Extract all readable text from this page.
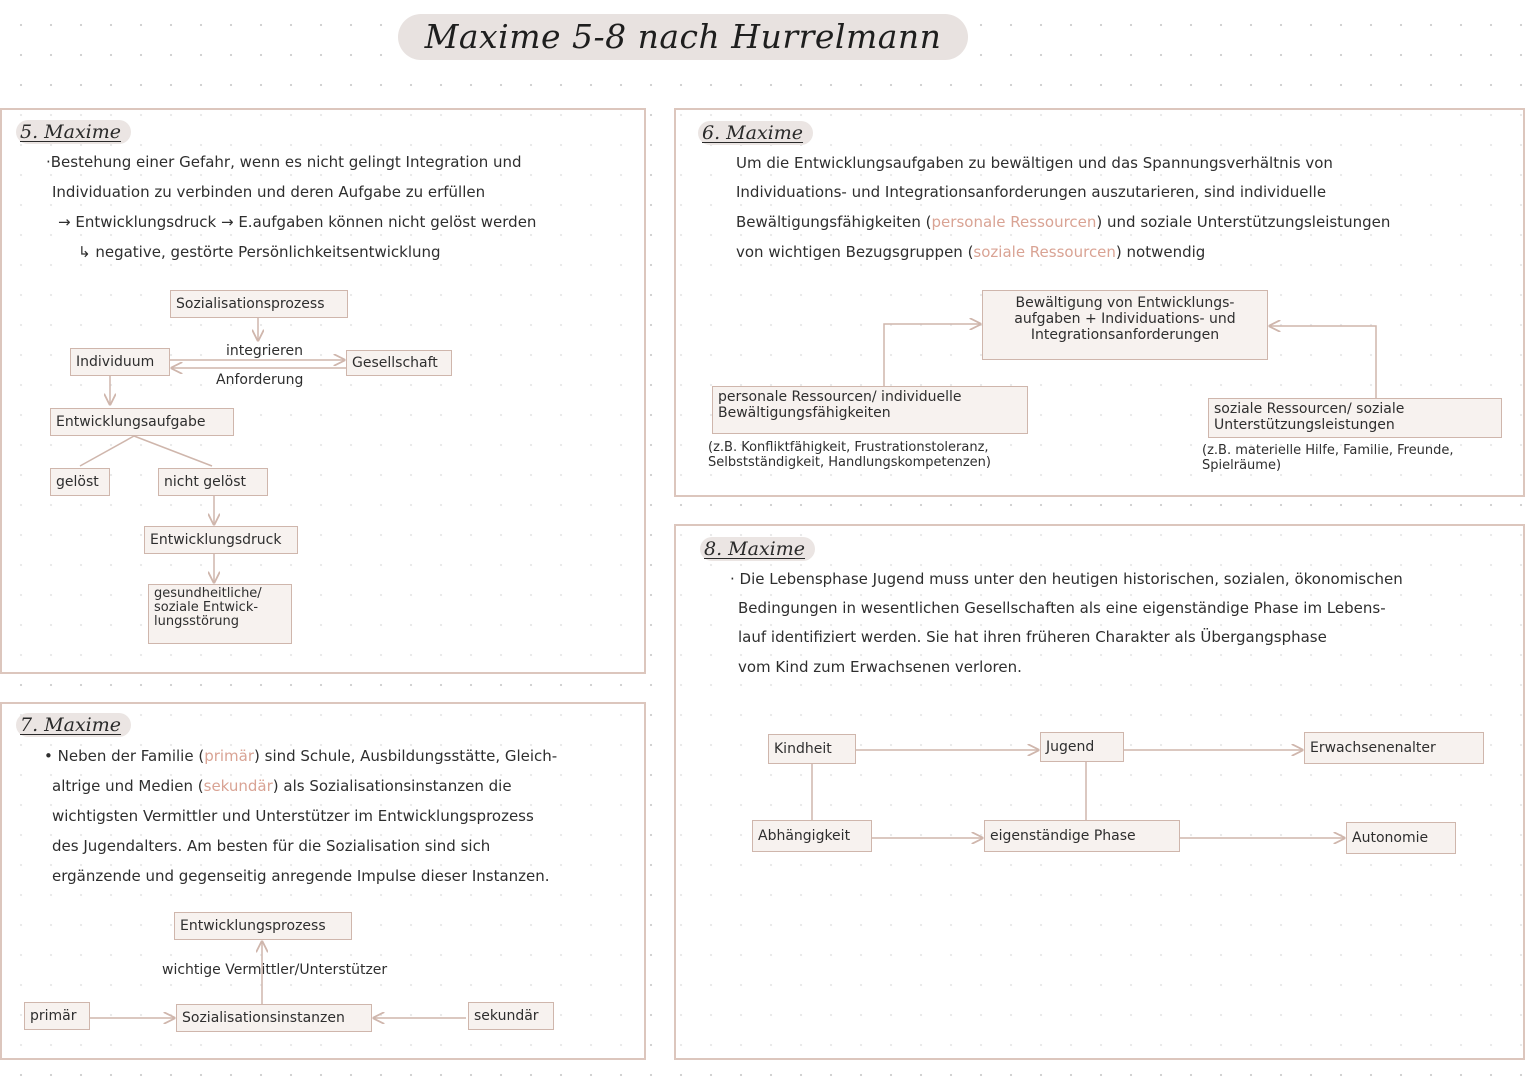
Maxime 5-8 nach Hurrelmann
5. Maxime
·Bestehung einer Gefahr, wenn es nicht gelingt Integration und
Individuation zu verbinden und deren Aufgabe zu erfüllen
→ Entwicklungsdruck → E.aufgaben können nicht gelöst werden
↳ negative, gestörte Persönlichkeitsentwicklung
Sozialisationsprozess
Individuum
integrieren
Anforderung
Gesellschaft
Entwicklungsaufgabe
gelöst	nicht gelöst
Entwicklungsdruck
gesundheitliche/ soziale Entwick- lungsstörung
6. Maxime
Um die Entwicklungsaufgaben zu bewältigen und das Spannungsverhältnis von
Individuations- und Integrationsanforderungen auszutarieren, sind individuelle
Bewältigungsfähigkeiten (personale Ressourcen) und soziale Unterstützungsleistungen
von wichtigen Bezugsgruppen (soziale Ressourcen) notwendig
Bewältigung von Entwicklungs- aufgaben + Individuations- und Integrationsanforderungen
personale Ressourcen/ individuelle Bewältigungsfähigkeiten
(z.B. Konfliktfähigkeit, Frustrationstoleranz, Selbstständigkeit, Handlungskompetenzen)
soziale Ressourcen/ soziale Unterstützungsleistungen
(z.B. materielle Hilfe, Familie, Freunde, Spielräume)
7. Maxime
• Neben der Familie (primär) sind Schule, Ausbildungsstätte, Gleich-
altrige und Medien (sekundär) als Sozialisationsinstanzen die
wichtigsten Vermittler und Unterstützer im Entwicklungsprozess
des Jugendalters. Am besten für die Sozialisation sind sich
ergänzende und gegenseitig anregende Impulse dieser Instanzen.
Entwicklungsprozess
wichtige Vermittler/Unterstützer
primär	Sozialisationsinstanzen	sekundär
8. Maxime
· Die Lebensphase Jugend muss unter den heutigen historischen, sozialen, ökonomischen
Bedingungen in wesentlichen Gesellschaften als eine eigenständige Phase im Lebens-
lauf identifiziert werden. Sie hat ihren früheren Charakter als Übergangsphase
vom Kind zum Erwachsenen verloren.
Kindheit	Jugend	Erwachsenenalter
Abhängigkeit	eigenständige Phase	Autonomie
